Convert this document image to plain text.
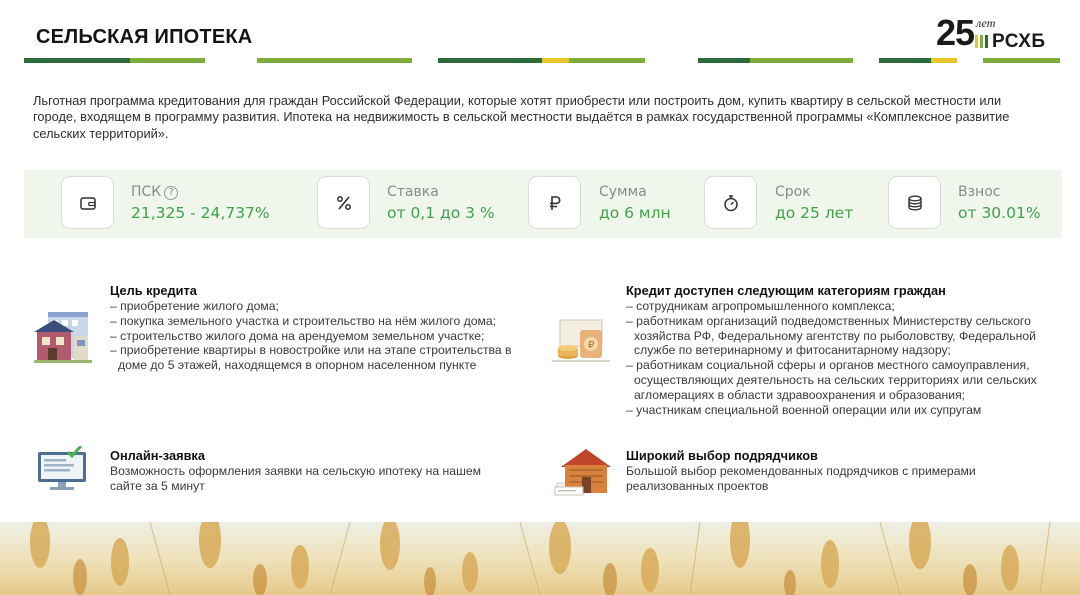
СЕЛЬСКАЯ ИПОТЕКА	25 лет
РСХБ

Льготная программа кредитования для граждан Российской Федерации, которые хотят приобрести или построить дом, купить квартиру в сельской местности или городе, входящем в программу развития. Ипотека на недвижимость в сельской местности выдаётся в рамках государственной программы «Комплексное развитие сельских территорий».

ПСК ?
21,325 - 24,737%
Ставка
от 0,1 до 3 %
Сумма
до 6 млн
Срок
до 25 лет
Взнос
от 30.01%
Цель кредита
– приобретение жилого дома;
– покупка земельного участка и строительство на нём жилого дома;
– строительство жилого дома на арендуемом земельном участке;
– приобретение квартиры в новостройке или на этапе строительства в доме до 5 этажей, находящемся в опорном населенном пункте
₽
Кредит доступен следующим категориям граждан
– сотрудникам агропромышленного комплекса;
– работникам организаций подведомственных Министерству сельского хозяйства РФ, Федеральному агентству по рыболовству, Федеральной службе по ветеринарному и фитосанитарному надзору;
– работникам социальной сферы и органов местного самоуправления, осуществляющих деятельность на сельских территориях или сельских агломерациях в области здравоохранения и образования;
– участникам специальной военной операции или их супругам
Онлайн-заявка

Возможность оформления заявки на сельскую ипотеку на нашем сайте за 5 минут

Широкий выбор подрядчиков

Большой выбор рекомендованных подрядчиков с примерами реализованных проектов
